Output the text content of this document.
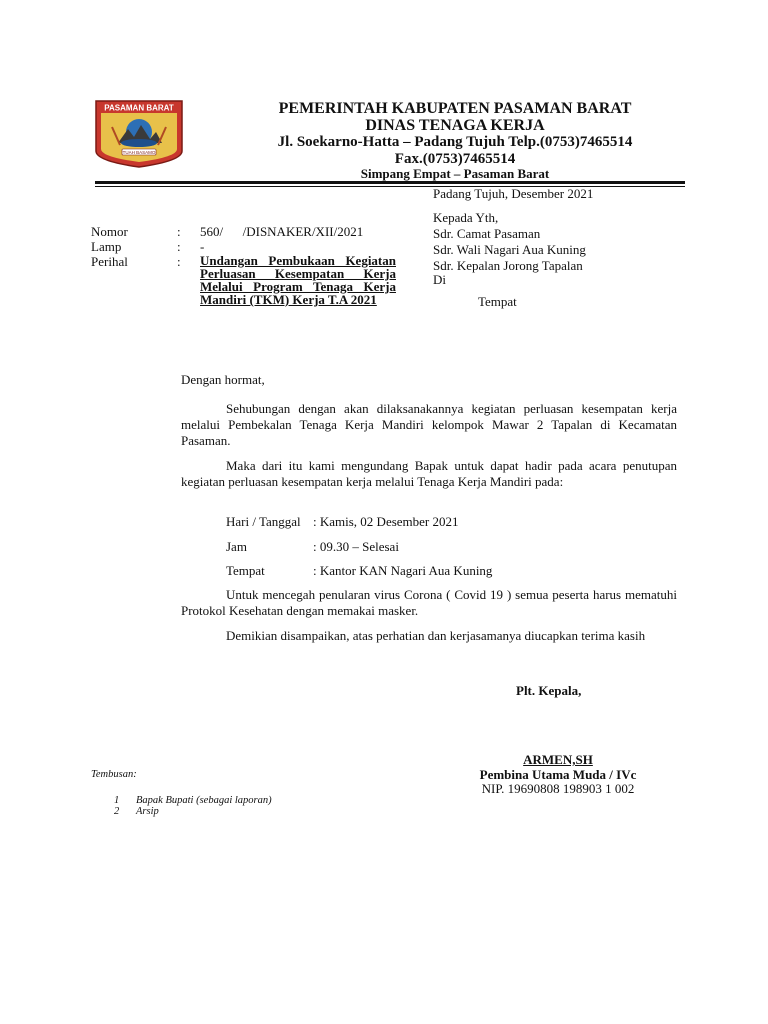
PASAMAN BARAT
TUAH BASAMO
PEMERINTAH KABUPATEN PASAMAN BARAT
DINAS TENAGA KERJA
Jl. Soekarno-Hatta – Padang Tujuh Telp.(0753)7465514
Fax.(0753)7465514
Simpang Empat – Pasaman Barat
Padang Tujuh, Desember 2021
Kepada Yth,
Sdr. Camat Pasaman
Sdr. Wali Nagari Aua Kuning
Sdr. Kepalan Jorong Tapalan
Di
Tempat
Nomor
Lamp
Perihal
:
:
:
560/      /DISNAKER/XII/2021
-
Undangan Pembukaan Kegiatan
Perluasan Kesempatan Kerja
Melalui Program Tenaga Kerja
Mandiri (TKM) Kerja T.A 2021
Dengan hormat,
Sehubungan dengan akan dilaksanakannya kegiatan perluasan kesempatan kerja melalui Pembekalan Tenaga Kerja Mandiri kelompok Mawar 2 Tapalan di Kecamatan Pasaman.
Maka dari itu kami mengundang Bapak untuk dapat hadir pada acara penutupan kegiatan perluasan kesempatan kerja melalui Tenaga Kerja Mandiri pada:
Hari / Tanggal : Kamis, 02 Desember 2021
Jam	: 09.30 – Selesai
Tempat	: Kantor KAN Nagari Aua Kuning
Untuk mencegah penularan virus Corona ( Covid 19 ) semua peserta harus mematuhi Protokol Kesehatan dengan memakai masker.
Demikian disampaikan, atas perhatian dan kerjasamanya diucapkan terima kasih
Plt. Kepala,
ARMEN,SH
Pembina Utama Muda / IVc
NIP. 19690808 198903 1 002
Tembusan:
1 Bapak Bupati (sebagai laporan)
2 Arsip
